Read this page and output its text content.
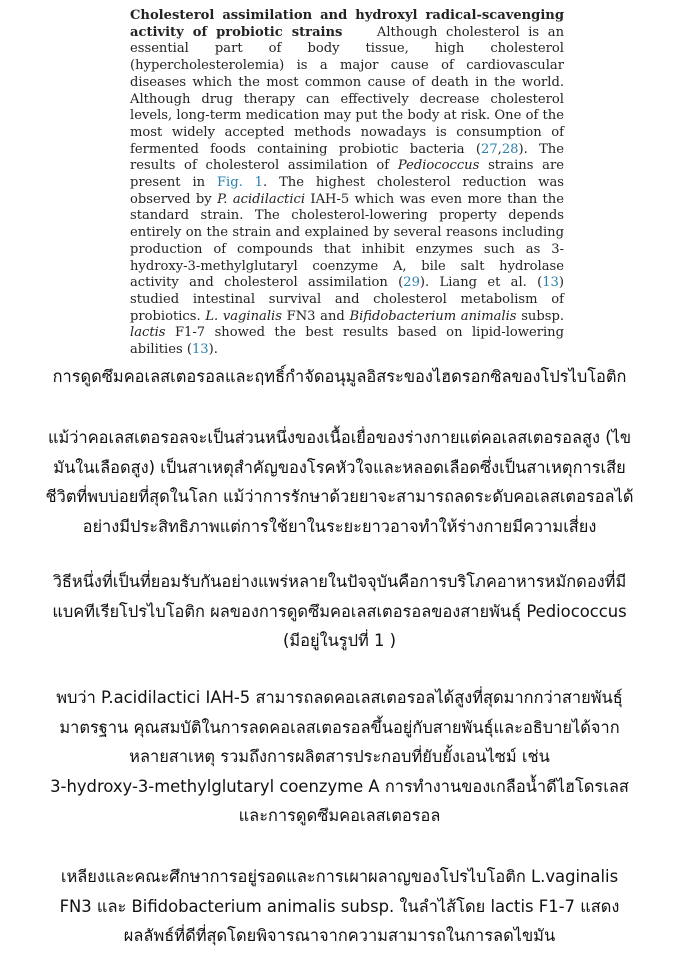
Cholesterol assimilation and hydroxyl radical-scavenging activity of probiotic strains	Although cholesterol is an essential part of body tissue, high cholesterol (hypercholesterolemia) is a major cause of cardiovascular diseases which the most common cause of death in the world. Although drug therapy can effectively decrease cholesterol levels, long-term medication may put the body at risk. One of the most widely accepted methods nowadays is consumption of fermented foods containing probiotic bacteria (27,28). The results of cholesterol assimilation of Pediococcus strains are present in Fig. 1. The highest cholesterol reduction was observed by P. acidilactici IAH-5 which was even more than the standard strain. The cholesterol-lowering property depends entirely on the strain and explained by several reasons including production of compounds that inhibit enzymes such as 3-hydroxy-3-methylglutaryl coenzyme A, bile salt hydrolase activity and cholesterol assimilation (29). Liang et al. (13) studied intestinal survival and cholesterol metabolism of probiotics. L. vaginalis FN3 and Bifidobacterium animalis subsp. lactis F1-7 showed the best results based on lipid-lowering abilities (13).
การดูดซึมคอเลสเตอรอลและฤทธิ์กำจัดอนุมูลอิสระของไฮดรอกซิลของโปรไบโอติก
แม้ว่าคอเลสเตอรอลจะเป็นส่วนหนึ่งของเนื้อเยื่อของร่างกายแต่คอเลสเตอรอลสูง (ไข
มันในเลือดสูง) เป็นสาเหตุสำคัญของโรคหัวใจและหลอดเลือดซึ่งเป็นสาเหตุการเสีย
ชีวิตที่พบบ่อยที่สุดในโลก แม้ว่าการรักษาด้วยยาจะสามารถลดระดับคอเลสเตอรอลได้
อย่างมีประสิทธิภาพแต่การใช้ยาในระยะยาวอาจทำให้ร่างกายมีความเสี่ยง
วิธีหนึ่งที่เป็นที่ยอมรับกันอย่างแพร่หลายในปัจจุบันคือการบริโภคอาหารหมักดองที่มี
แบคทีเรียโปรไบโอติก ผลของการดูดซึมคอเลสเตอรอลของสายพันธุ์ Pediococcus
(มีอยู่ในรูปที่ 1 )
พบว่า P.acidilactici IAH-5 สามารถลดคอเลสเตอรอลได้สูงที่สุดมากกว่าสายพันธุ์
มาตรฐาน คุณสมบัติในการลดคอเลสเตอรอลขึ้นอยู่กับสายพันธุ์และอธิบายได้จาก
หลายสาเหตุ รวมถึงการผลิตสารประกอบที่ยับยั้งเอนไซม์ เช่น
3-hydroxy-3-methylglutaryl coenzyme A การทำงานของเกลือน้ำดีไฮโดรเลส
และการดูดซึมคอเลสเตอรอล
เหลียงและคณะศึกษาการอยู่รอดและการเผาผลาญของโปรไบโอติก L.vaginalis
FN3 และ Bifidobacterium animalis subsp. ในลำไส้โดย lactis F1-7 แสดง
ผลลัพธ์ที่ดีที่สุดโดยพิจารณาจากความสามารถในการลดไขมัน
